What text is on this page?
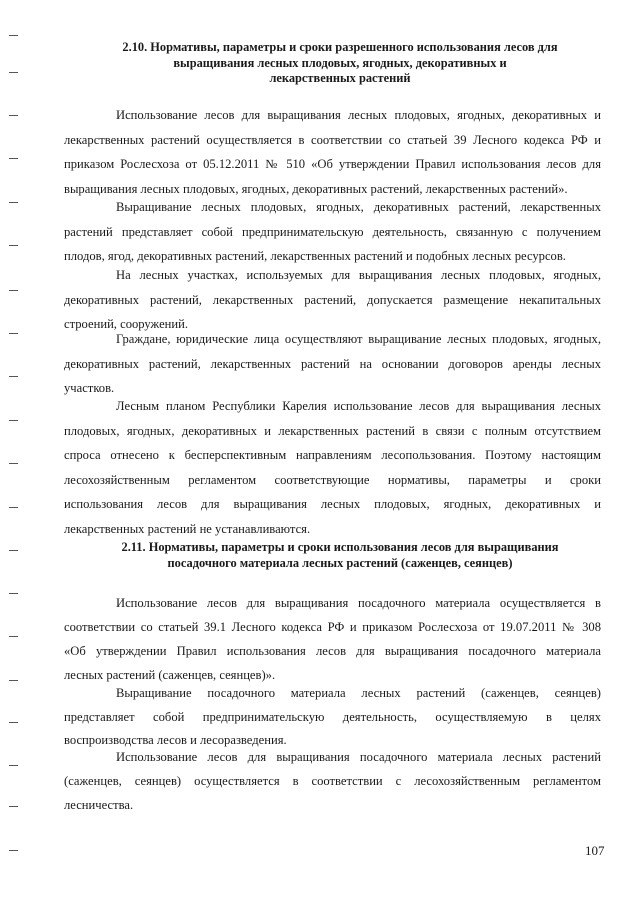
2.10. Нормативы, параметры и сроки разрешенного использования лесов для
выращивания лесных плодовых, ягодных, декоративных и
лекарственных растений
Использование лесов для выращивания лесных плодовых, ягодных, декоративных и
лекарственных растений осуществляется в соответствии со статьей 39 Лесного кодекса РФ и
приказом Рослесхоза от 05.12.2011 № 510 «Об утверждении Правил использования лесов для
выращивания лесных плодовых, ягодных, декоративных растений, лекарственных растений».
Выращивание лесных плодовых, ягодных, декоративных растений, лекарственных
растений представляет собой предпринимательскую деятельность, связанную с получением
плодов, ягод, декоративных растений, лекарственных растений и подобных лесных ресурсов.
На лесных участках, используемых для выращивания лесных плодовых, ягодных,
декоративных растений, лекарственных растений, допускается размещение некапитальных
строений, сооружений.
Граждане, юридические лица осуществляют выращивание лесных плодовых, ягодных,
декоративных растений, лекарственных растений на основании договоров аренды лесных
участков.
Лесным планом Республики Карелия использование лесов для выращивания лесных
плодовых, ягодных, декоративных и лекарственных растений в связи с полным отсутствием
спроса отнесено к бесперспективным направлениям лесопользования. Поэтому настоящим
лесохозяйственным регламентом соответствующие нормативы, параметры и сроки
использования лесов для выращивания лесных плодовых, ягодных, декоративных и
лекарственных растений не устанавливаются.
2.11. Нормативы, параметры и сроки использования лесов для выращивания
посадочного материала лесных растений (саженцев, сеянцев)
Использование лесов для выращивания посадочного материала осуществляется в
соответствии со статьей 39.1 Лесного кодекса РФ и приказом Рослесхоза от 19.07.2011 № 308
«Об утверждении Правил использования лесов для выращивания посадочного материала
лесных растений (саженцев, сеянцев)».
Выращивание посадочного материала лесных растений (саженцев, сеянцев)
представляет собой предпринимательскую деятельность, осуществляемую в целях
воспроизводства лесов и лесоразведения.
Использование лесов для выращивания посадочного материала лесных растений
(саженцев, сеянцев) осуществляется в соответствии с лесохозяйственным регламентом
лесничества.
107
